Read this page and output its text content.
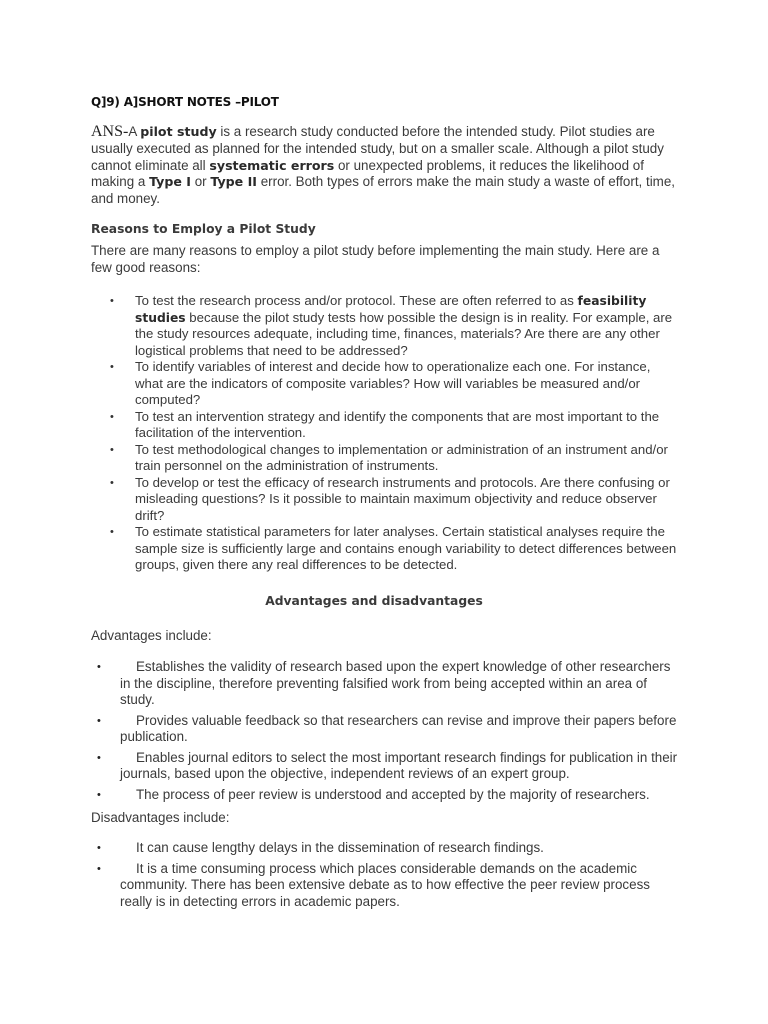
Q]9) A]SHORT NOTES –PILOT
ANS-A pilot study is a research study conducted before the intended study. Pilot studies are usually executed as planned for the intended study, but on a smaller scale. Although a pilot study cannot eliminate all systematic errors or unexpected problems, it reduces the likelihood of making a Type I or Type II error. Both types of errors make the main study a waste of effort, time, and money.
Reasons to Employ a Pilot Study
There are many reasons to employ a pilot study before implementing the main study. Here are a few good reasons:
• To test the research process and/or protocol. These are often referred to as feasibility studies because the pilot study tests how possible the design is in reality. For example, are the study resources adequate, including time, finances, materials? Are there are any other logistical problems that need to be addressed?
• To identify variables of interest and decide how to operationalize each one. For instance, what are the indicators of composite variables? How will variables be measured and/or computed?
• To test an intervention strategy and identify the components that are most important to the facilitation of the intervention.
• To test methodological changes to implementation or administration of an instrument and/or train personnel on the administration of instruments.
• To develop or test the efficacy of research instruments and protocols. Are there confusing or misleading questions? Is it possible to maintain maximum objectivity and reduce observer drift?
• To estimate statistical parameters for later analyses. Certain statistical analyses require the sample size is sufficiently large and contains enough variability to detect differences between groups, given there any real differences to be detected.
Advantages and disadvantages
Advantages include:
•	Establishes the validity of research based upon the expert knowledge of other researchers in the discipline, therefore preventing falsified work from being accepted within an area of study.
•	Provides valuable feedback so that researchers can revise and improve their papers before publication.
•	Enables journal editors to select the most important research findings for publication in their journals, based upon the objective, independent reviews of an expert group.
•	The process of peer review is understood and accepted by the majority of researchers.
Disadvantages include:
•	It can cause lengthy delays in the dissemination of research findings.
•	It is a time consuming process which places considerable demands on the academic community. There has been extensive debate as to how effective the peer review process really is in detecting errors in academic papers.
